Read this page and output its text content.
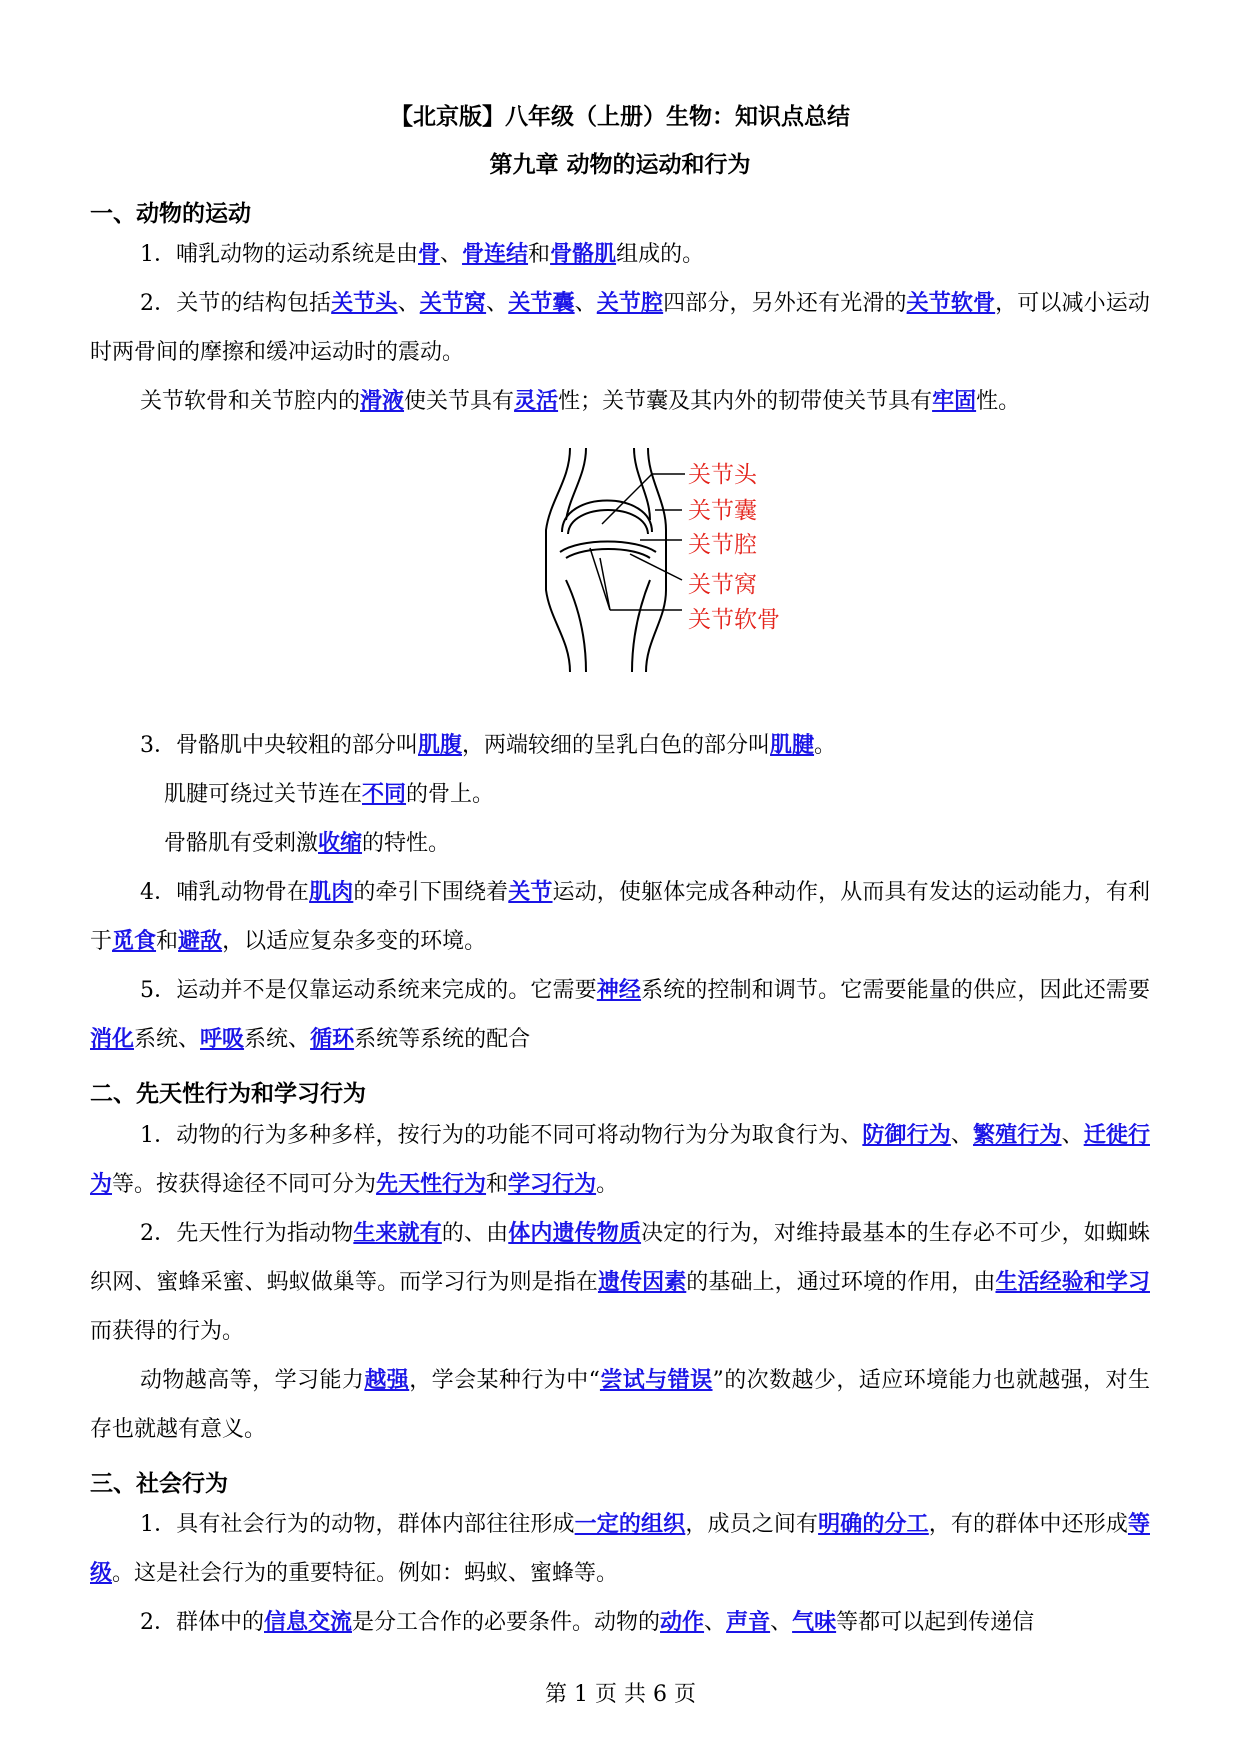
【北京版】八年级（上册）生物：知识点总结
第九章 动物的运动和行为
一、动物的运动
1．哺乳动物的运动系统是由骨、骨连结和骨骼肌组成的。
2．关节的结构包括关节头、关节窝、关节囊、关节腔四部分，另外还有光滑的关节软骨，可以减小运动时两骨间的摩擦和缓冲运动时的震动。
关节软骨和关节腔内的滑液使关节具有灵活性；关节囊及其内外的韧带使关节具有牢固性。
关节头
关节囊
关节腔
关节窝
关节软骨
3．骨骼肌中央较粗的部分叫肌腹，两端较细的呈乳白色的部分叫肌腱。
肌腱可绕过关节连在不同的骨上。
骨骼肌有受刺激收缩的特性。
4．哺乳动物骨在肌肉的牵引下围绕着关节运动，使躯体完成各种动作，从而具有发达的运动能力，有利于觅食和避敌，以适应复杂多变的环境。
5．运动并不是仅靠运动系统来完成的。它需要神经系统的控制和调节。它需要能量的供应，因此还需要消化系统、呼吸系统、循环系统等系统的配合
二、先天性行为和学习行为
1．动物的行为多种多样，按行为的功能不同可将动物行为分为取食行为、防御行为、繁殖行为、迁徙行为等。按获得途径不同可分为先天性行为和学习行为。
2．先天性行为指动物生来就有的、由体内遗传物质决定的行为，对维持最基本的生存必不可少，如蜘蛛织网、蜜蜂采蜜、蚂蚁做巢等。而学习行为则是指在遗传因素的基础上，通过环境的作用，由生活经验和学习而获得的行为。
动物越高等，学习能力越强，学会某种行为中“尝试与错误”的次数越少，适应环境能力也就越强，对生存也就越有意义。
三、社会行为
1．具有社会行为的动物，群体内部往往形成一定的组织，成员之间有明确的分工，有的群体中还形成等级。这是社会行为的重要特征。例如：蚂蚁、蜜蜂等。
2．群体中的信息交流是分工合作的必要条件。动物的动作、声音、气味等都可以起到传递信
第 1 页 共 6 页
